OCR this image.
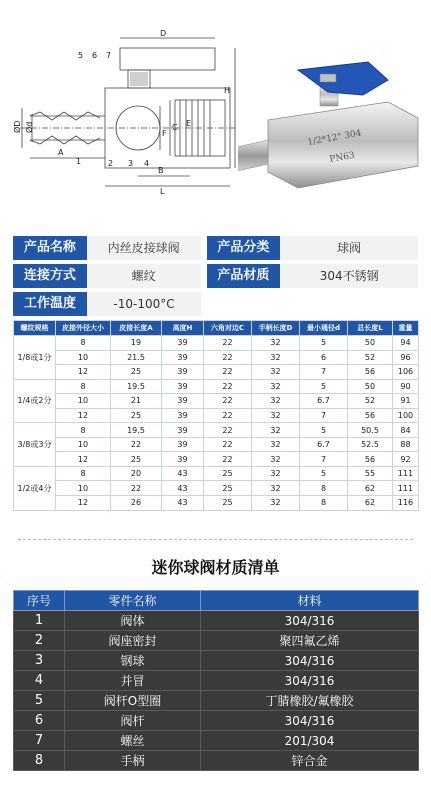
5 6 7
D
H
F
C E
Ød
ØD
A
1	2 3 4
B
L
1/2*12" 304
PN63
产品名称	内丝皮接球阀	产品分类	球阀
连接方式	螺纹	产品材质	304不锈钢
工作温度	-10-100°C
螺纹规格	皮接外径大小	皮接长度A	高度H	六角对边C	手柄长度D	最小通径d	总长度L	重量
1/8或1分	8	19	39	22	32	5	50	94
	10	21.5	39	22	32	6	52	96
	12	25	39	22	32	7	56	106
1/4或2分	8	19.5	39	22	32	5	50	90
	10	21	39	22	32	6.7	52	91
	12	25	39	22	32	7	56	100
3/8或3分	8	19.5	39	22	32	5	50.5	84
	10	22	39	22	32	6.7	52.5	88
	12	25	39	22	32	7	56	92
1/2或4分	8	20	43	25	32	5	55	111
	10	22	43	25	32	8	62	111
	12	26	43	25	32	8	62	116
迷你球阀材质清单
序号	零件名称	材料
1	阀体	304/316
2	阀座密封	聚四氟乙烯
3	钢球	304/316
4	并冒	304/316
5	阀杆O型圈	丁腈橡胶/氟橡胶
6	阀杆	304/316
7	螺丝	201/304
8	手柄	锌合金
